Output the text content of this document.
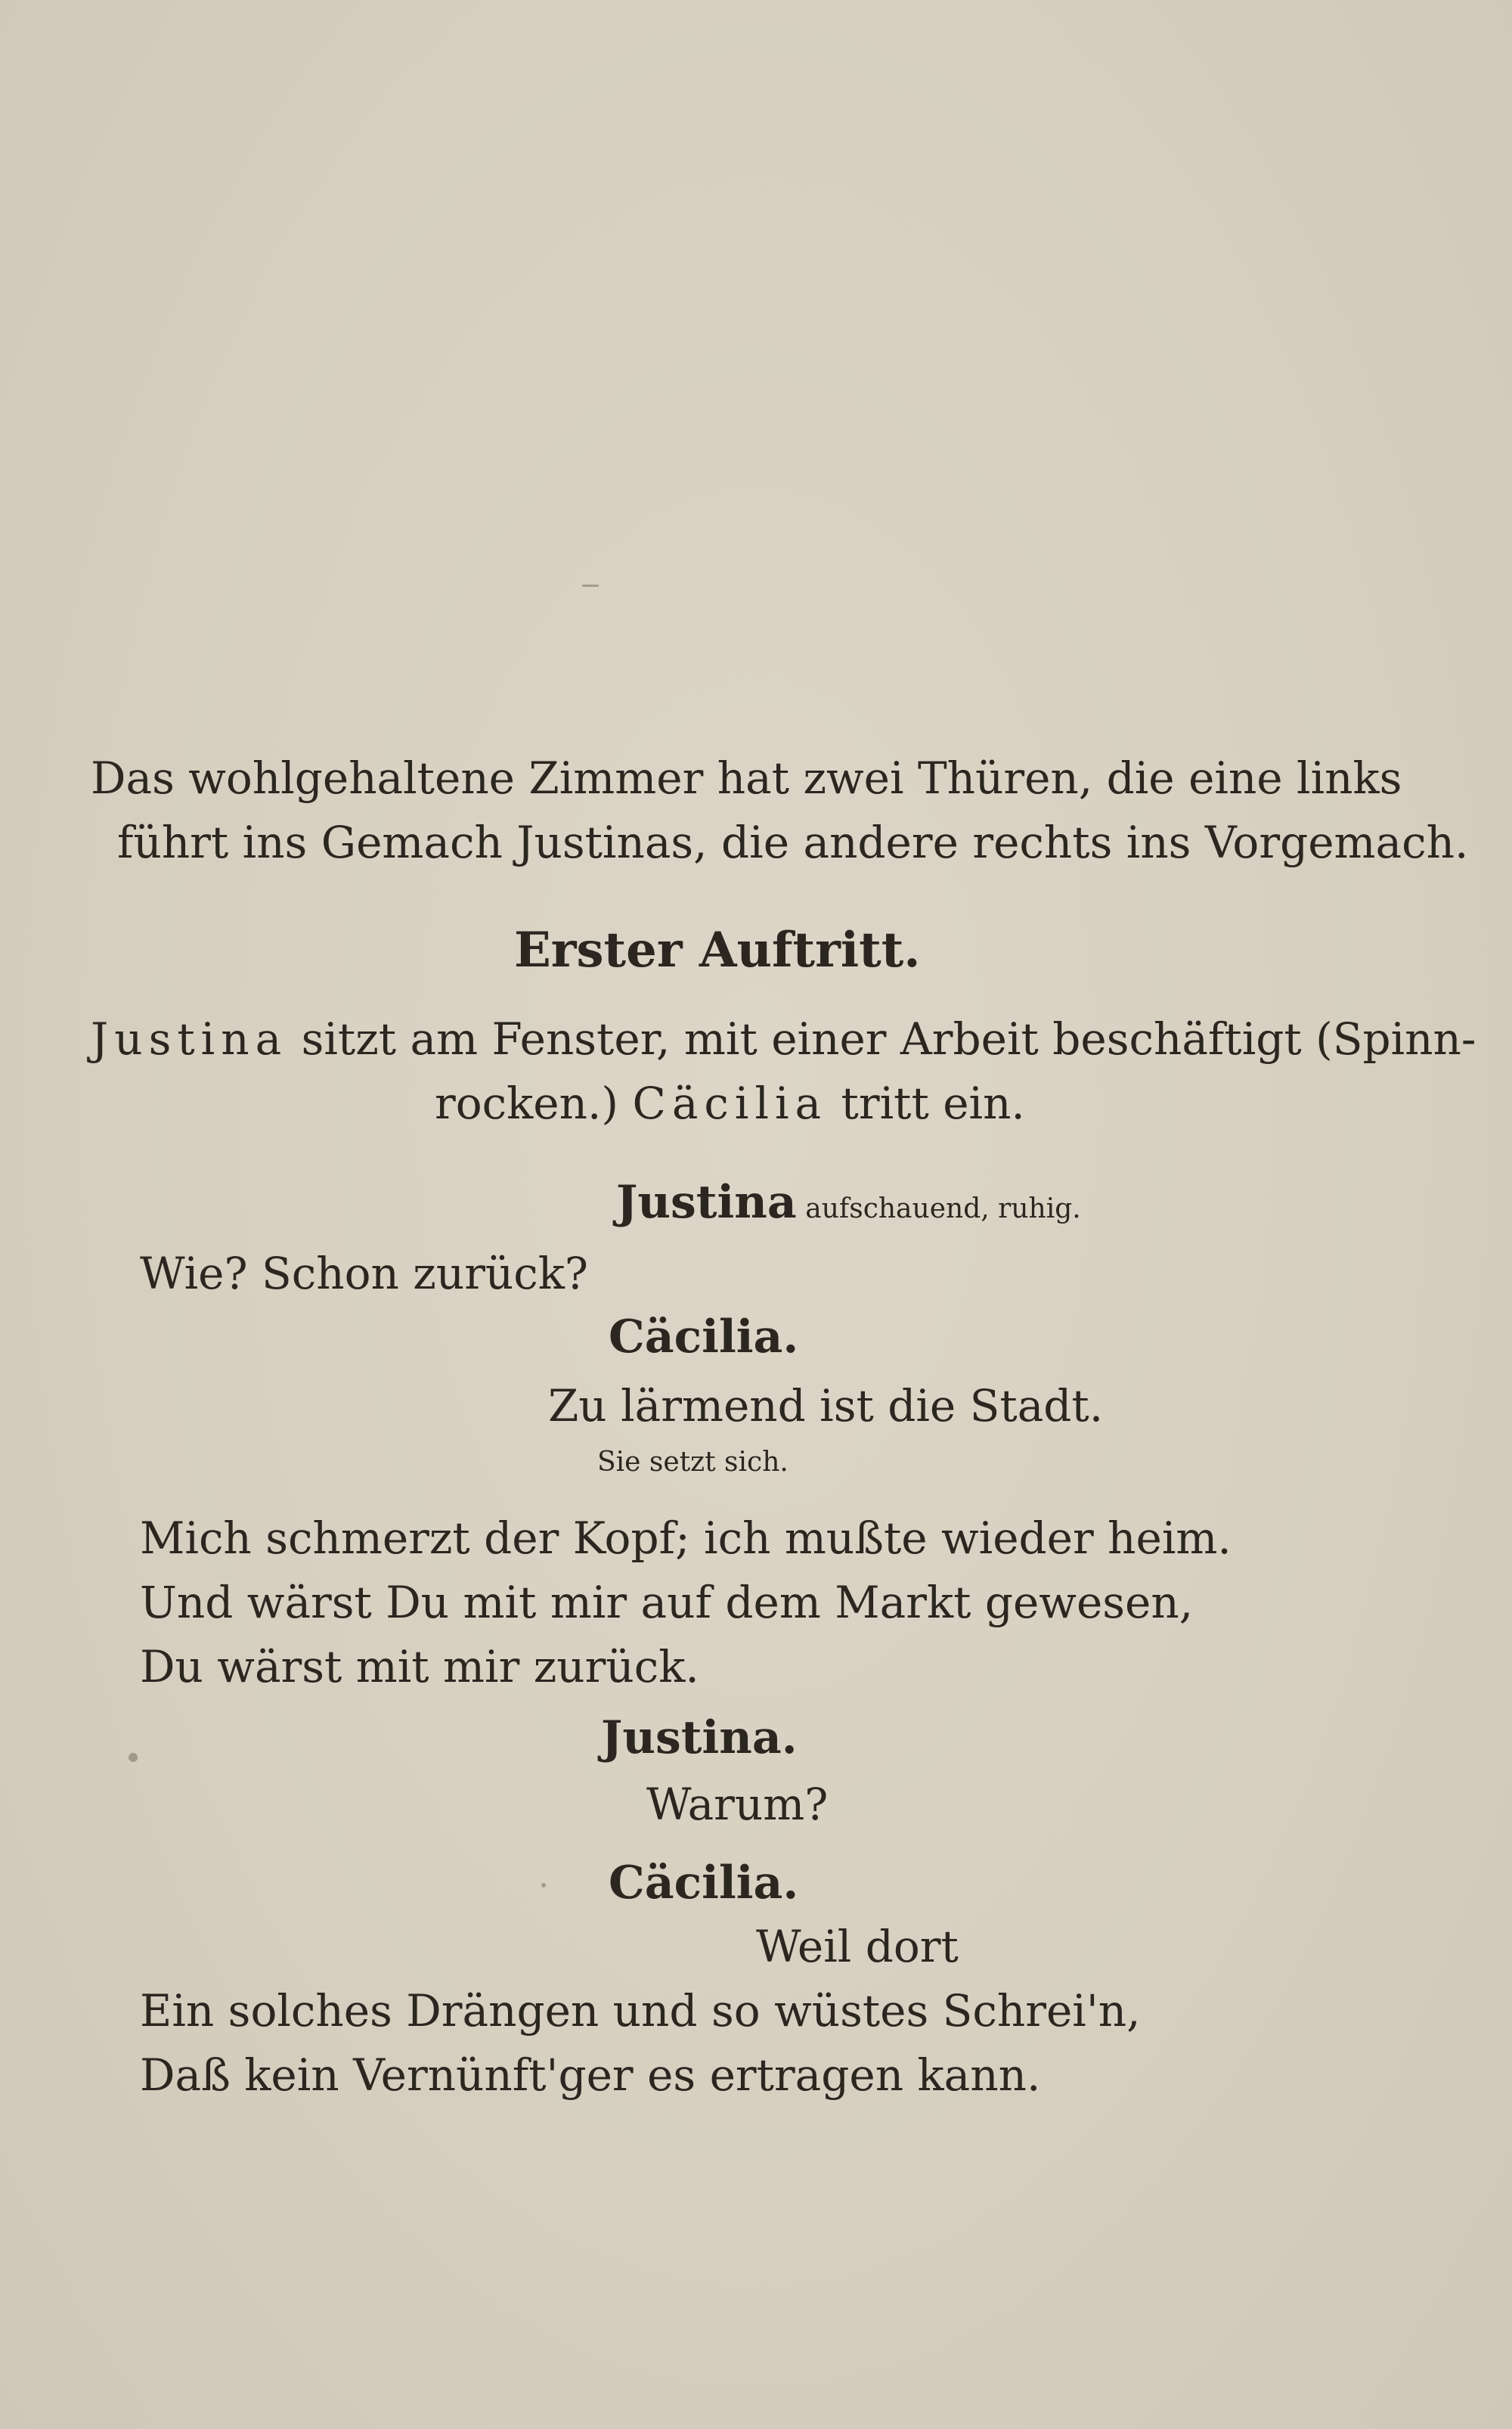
Das wohlgehaltene Zimmer hat zwei Thüren, die eine links
führt ins Gemach Justinas, die andere rechts ins Vorgemach.
Erster Auftritt.
Justina sitzt am Fenster, mit einer Arbeit beschäftigt (Spinn-
rocken.) Cäcilia tritt ein.
Justina aufschauend, ruhig.
Wie? Schon zurück?
Cäcilia.
Zu lärmend ist die Stadt.
Sie setzt sich.
Mich schmerzt der Kopf; ich mußte wieder heim.
Und wärst Du mit mir auf dem Markt gewesen,
Du wärst mit mir zurück.
Justina.
Warum?
Cäcilia.
Weil dort
Ein solches Drängen und so wüstes Schrei'n,
Daß kein Vernünft'ger es ertragen kann.
